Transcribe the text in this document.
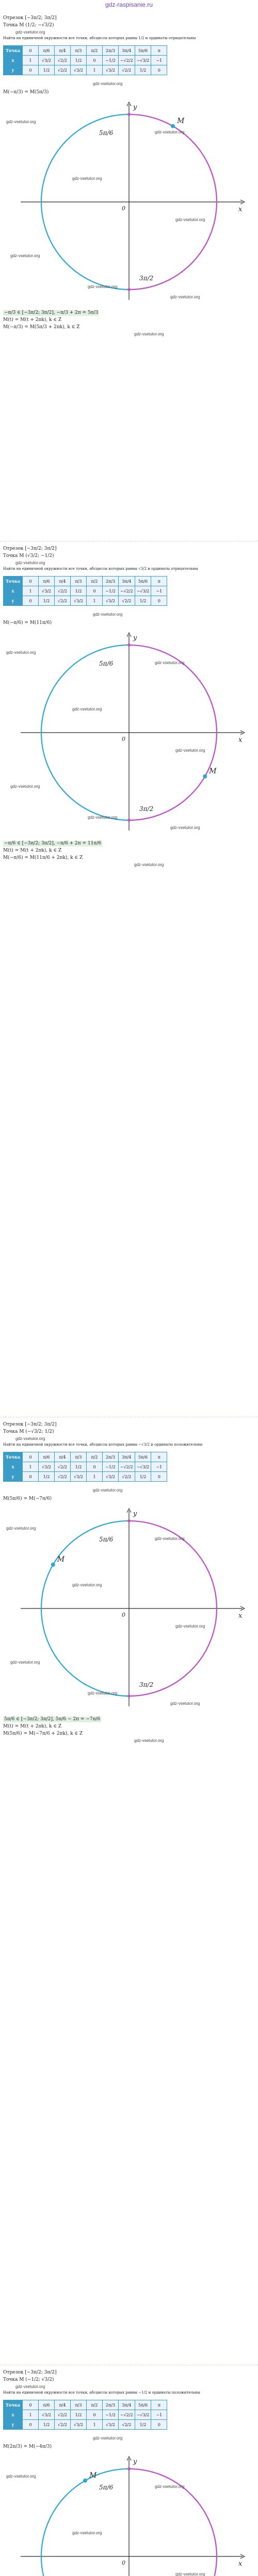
gdz-raspisanie.ru
Отрезок [−3π/2; 3π/2]
Точка M (1/2; −√3/2)
gdz-vsetutor.org
Найти на единичной окружности все точки, абсциссы которых равны 1/2 и ординаты отрицательны
Точка	0	π/6	π/4	π/3	π/2	2π/3	3π/4	5π/6	π
x	1	√3/2	√2/2	1/2	0	−1/2	−√2/2	−√3/2	−1
y	0	1/2	√2/2	√3/2	1	√3/2	√2/2	1/2	0
gdz-vsetutor.org
M(−π/3) = M(5π/3)
M
5π/6
3π/2
x
y
0
gdz-vsetutor.org
gdz-vsetutor.org
gdz-vsetutor.org
gdz-vsetutor.org
gdz-vsetutor.org
gdz-vsetutor.org
gdz-vsetutor.org
−π/3 ∈ [−3π/2; 3π/2], −π/3 + 2π = 5π/3
M(t) = M(t + 2πk), k ∈ Z
M(−π/3) = M(5π/3 + 2πk), k ∈ Z
gdz-vsetutor.org
Отрезок [−3π/2; 3π/2]
Точка M (√3/2; −1/2)
gdz-vsetutor.org
Найти на единичной окружности все точки, абсциссы которых равны √3/2 и ординаты отрицательны
Точка	0	π/6	π/4	π/3	π/2	2π/3	3π/4	5π/6	π
x	1	√3/2	√2/2	1/2	0	−1/2	−√2/2	−√3/2	−1
y	0	1/2	√2/2	√3/2	1	√3/2	√2/2	1/2	0
gdz-vsetutor.org
M(−π/6) = M(11π/6)
M
5π/6
3π/2
x
y
0
gdz-vsetutor.org
gdz-vsetutor.org
gdz-vsetutor.org
gdz-vsetutor.org
gdz-vsetutor.org
gdz-vsetutor.org
gdz-vsetutor.org
−π/6 ∈ [−3π/2; 3π/2], −π/6 + 2π = 11π/6
M(t) = M(t + 2πk), k ∈ Z
M(−π/6) = M(11π/6 + 2πk), k ∈ Z
gdz-vsetutor.org
Отрезок [−3π/2; 3π/2]
Точка M (−√3/2; 1/2)
gdz-vsetutor.org
Найти на единичной окружности все точки, абсциссы которых равны −√3/2 и ординаты положительны
Точка	0	π/6	π/4	π/3	π/2	2π/3	3π/4	5π/6	π
x	1	√3/2	√2/2	1/2	0	−1/2	−√2/2	−√3/2	−1
y	0	1/2	√2/2	√3/2	1	√3/2	√2/2	1/2	0
gdz-vsetutor.org
M(5π/6) = M(−7π/6)
M
5π/6
3π/2
x
y
0
gdz-vsetutor.org
gdz-vsetutor.org
gdz-vsetutor.org
gdz-vsetutor.org
gdz-vsetutor.org
gdz-vsetutor.org
gdz-vsetutor.org
5π/6 ∈ [−3π/2; 3π/2], 5π/6 − 2π = −7π/6
M(t) = M(t + 2πk), k ∈ Z
M(5π/6) = M(−7π/6 + 2πk), k ∈ Z
gdz-vsetutor.org
Отрезок [−3π/2; 3π/2]
Точка M (−1/2; √3/2)
gdz-vsetutor.org
Найти на единичной окружности все точки, абсциссы которых равны −1/2 и ординаты положительны
Точка	0	π/6	π/4	π/3	π/2	2π/3	3π/4	5π/6	π
x	1	√3/2	√2/2	1/2	0	−1/2	−√2/2	−√3/2	−1
y	0	1/2	√2/2	√3/2	1	√3/2	√2/2	1/2	0
gdz-vsetutor.org
M(2π/3) = M(−4π/3)
M
5π/6
x
y
0
gdz-vsetutor.org
gdz-vsetutor.org
gdz-vsetutor.org
gdz-vsetutor.org
